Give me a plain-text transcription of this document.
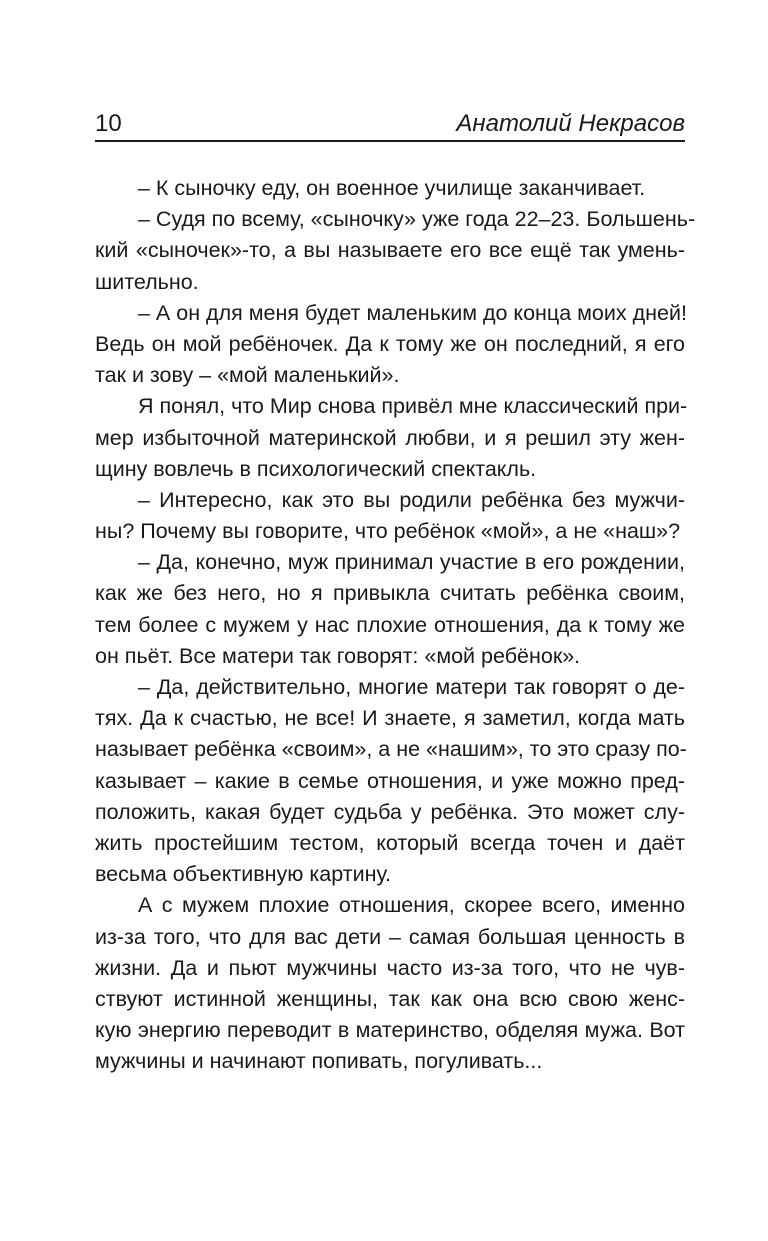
10	Анатолий Некрасов
– К сыночку еду, он военное училище заканчивает.
– Судя по всему, «сыночку» уже года 22–23. Большень-
кий «сыночек»-то, а вы называете его все ещё так умень-
шительно.
– А он для меня будет маленьким до конца моих дней!
Ведь он мой ребёночек. Да к тому же он последний, я его
так и зову – «мой маленький».
Я понял, что Мир снова привёл мне классический при-
мер избыточной материнской любви, и я решил эту жен-
щину вовлечь в психологический спектакль.
– Интересно, как это вы родили ребёнка без мужчи-
ны? Почему вы говорите, что ребёнок «мой», а не «наш»?
– Да, конечно, муж принимал участие в его рождении,
как же без него, но я привыкла считать ребёнка своим,
тем более с мужем у нас плохие отношения, да к тому же
он пьёт. Все матери так говорят: «мой ребёнок».
– Да, действительно, многие матери так говорят о де-
тях. Да к счастью, не все! И знаете, я заметил, когда мать
называет ребёнка «своим», а не «нашим», то это сразу по-
казывает – какие в семье отношения, и уже можно пред-
положить, какая будет судьба у ребёнка. Это может слу-
жить простейшим тестом, который всегда точен и даёт
весьма объективную картину.
А с мужем плохие отношения, скорее всего, именно
из-за того, что для вас дети – самая большая ценность в
жизни. Да и пьют мужчины часто из-за того, что не чув-
ствуют истинной женщины, так как она всю свою женс-
кую энергию переводит в материнство, обделяя мужа. Вот
мужчины и начинают попивать, погуливать...
